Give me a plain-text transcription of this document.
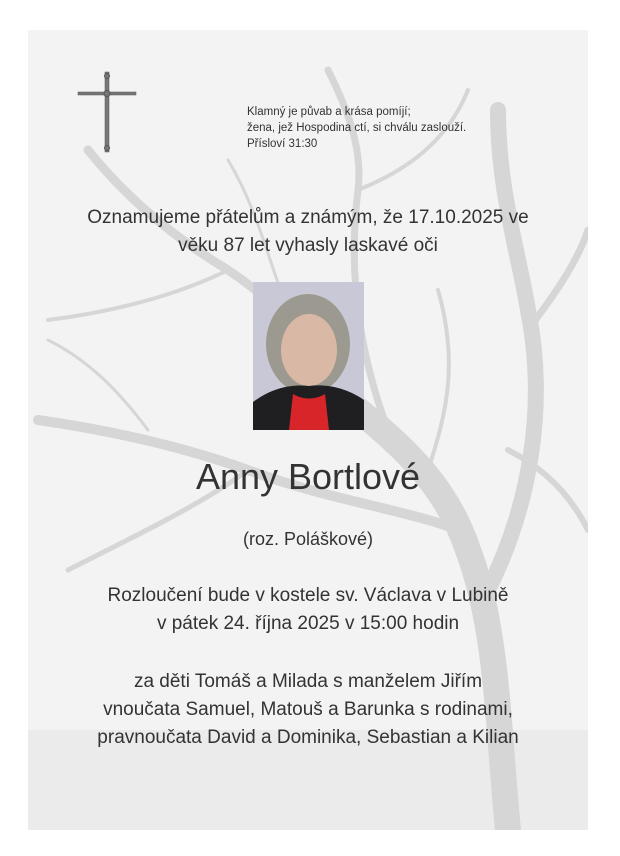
Klamný je půvab a krása pomíjí;
žena, jež Hospodina ctí, si chválu zaslouží.
Přísloví 31:30
Oznamujeme přátelům a známým, že 17.10.2025 ve
věku 87 let vyhasly laskavé oči
Anny Bortlové
(roz. Poláškové)
Rozloučení bude v kostele sv. Václava v Lubině
v pátek 24. října 2025 v 15:00 hodin
za děti Tomáš a Milada s manželem Jiřím
vnoučata Samuel, Matouš a Barunka s rodinami,
pravnoučata David a Dominika, Sebastian a Kilian
